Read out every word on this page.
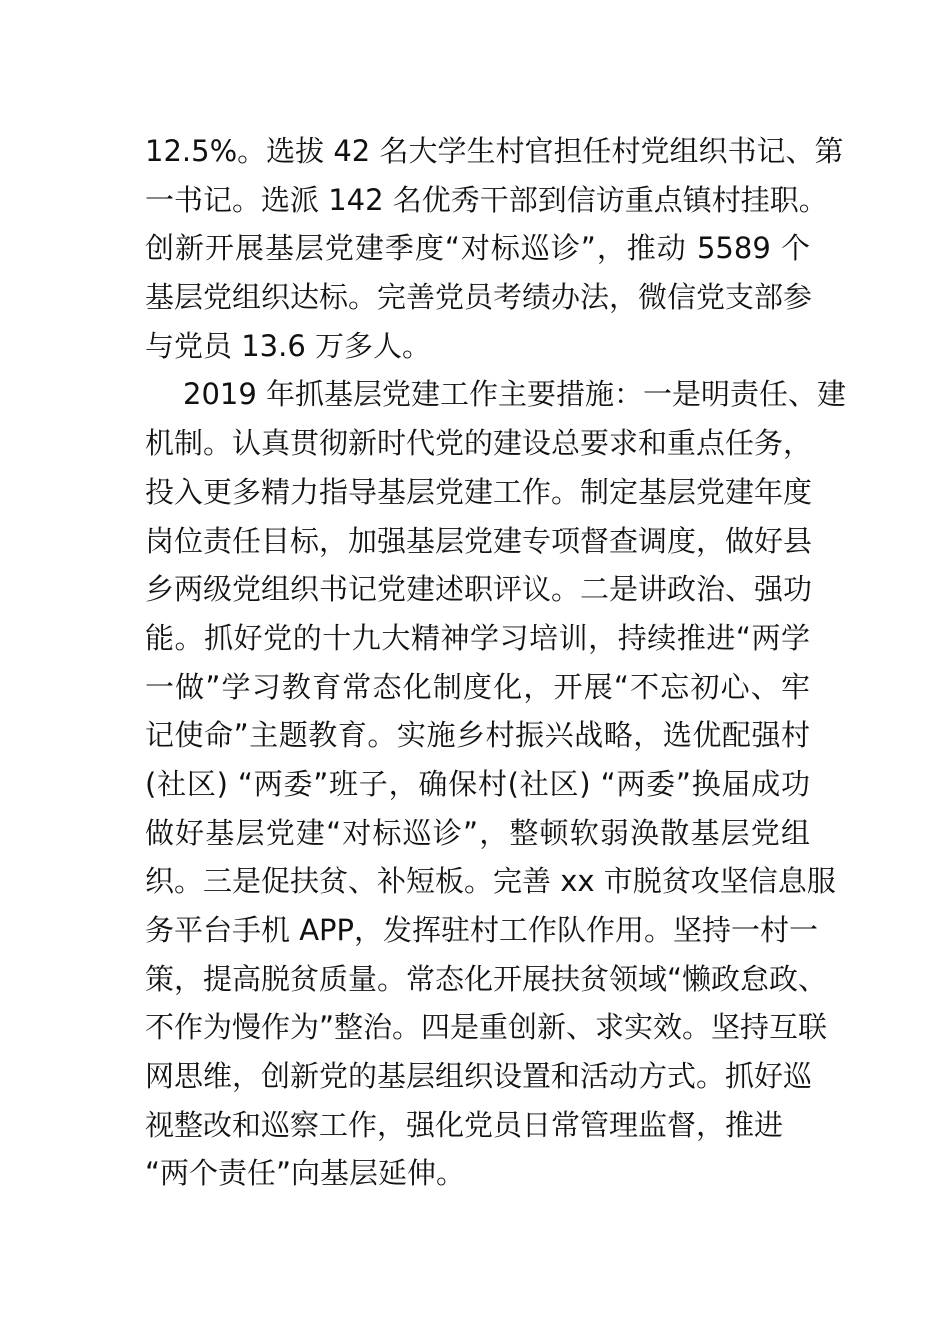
12.5%。选拔 42 名大学生村官担任村党组织书记、第
一书记。选派 142 名优秀干部到信访重点镇村挂职。
创新开展基层党建季度“对标巡诊”，推动 5589 个
基层党组织达标。完善党员考绩办法，微信党支部参
与党员 13.6 万多人。
2019 年抓基层党建工作主要措施：一是明责任、建
机制。认真贯彻新时代党的建设总要求和重点任务，
投入更多精力指导基层党建工作。制定基层党建年度
岗位责任目标，加强基层党建专项督查调度，做好县
乡两级党组织书记党建述职评议。二是讲政治、强功
能。抓好党的十九大精神学习培训，持续推进“两学
一做”学习教育常态化制度化，开展“不忘初心、牢
记使命”主题教育。实施乡村振兴战略，选优配强村
(社区) “两委”班子，确保村(社区) “两委”换届成功
做好基层党建“对标巡诊”，整顿软弱涣散基层党组
织。三是促扶贫、补短板。完善 xx 市脱贫攻坚信息服
务平台手机 APP，发挥驻村工作队作用。坚持一村一
策，提高脱贫质量。常态化开展扶贫领域“懒政怠政、
不作为慢作为”整治。四是重创新、求实效。坚持互联
网思维，创新党的基层组织设置和活动方式。抓好巡
视整改和巡察工作，强化党员日常管理监督，推进
“两个责任”向基层延伸。
